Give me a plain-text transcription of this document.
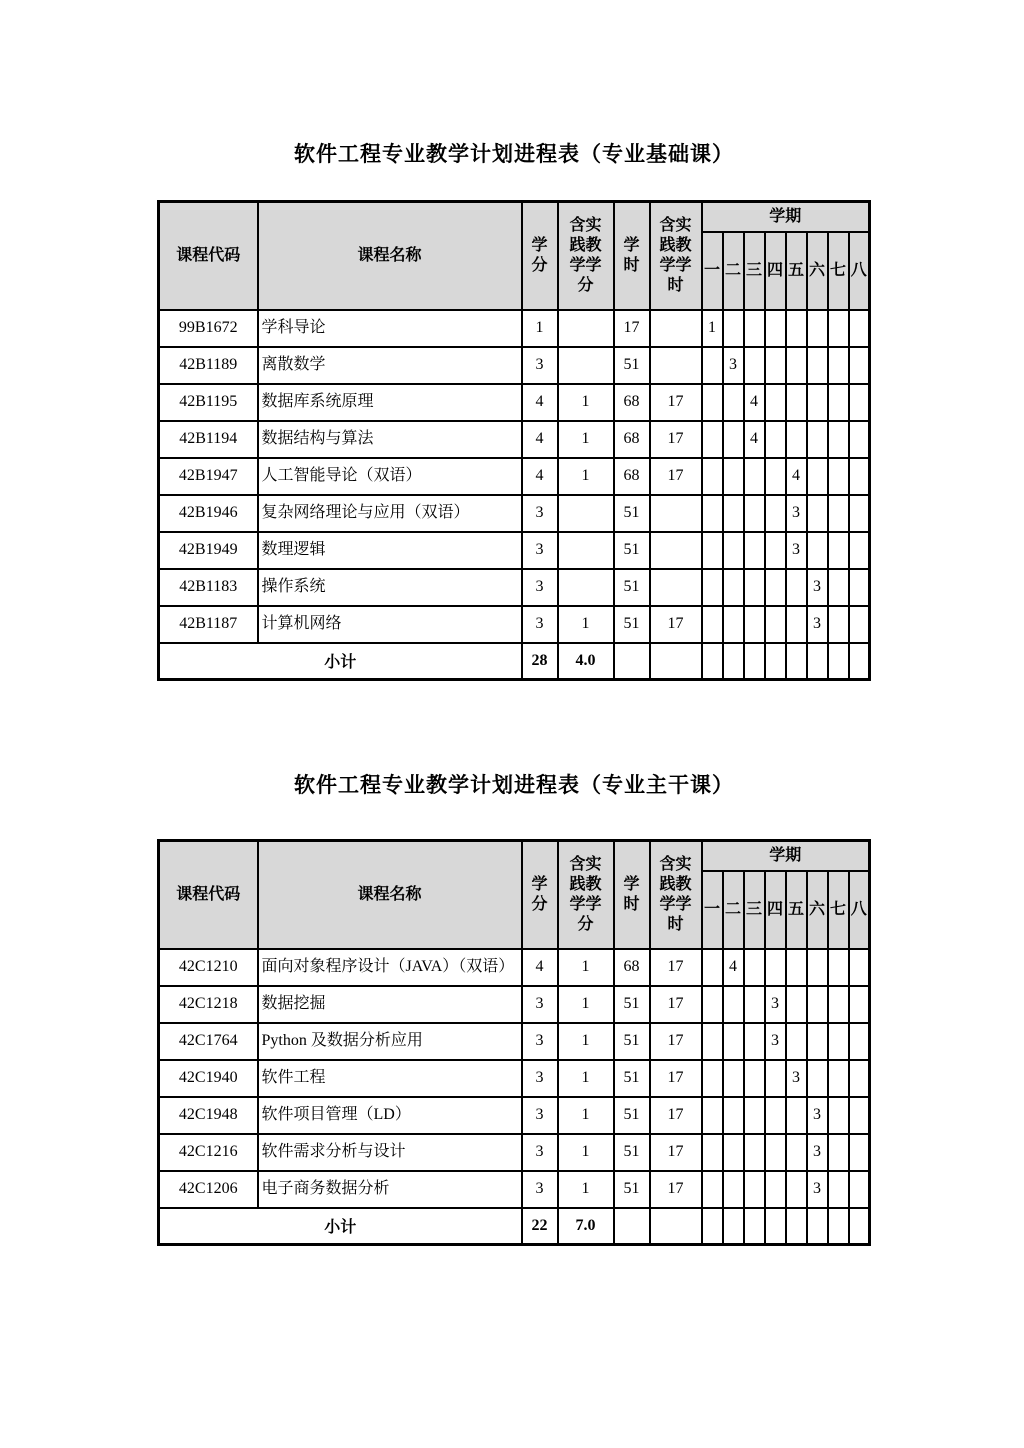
软件工程专业教学计划进程表（专业基础课）
课程代码	课程名称	学分	含实践教学学分	学时	含实践教学学时	学期							
						一	二	三	四	五	六	七	八
99B1672	学科导论	1		17		1							
42B1189	离散数学	3		51			3						
42B1195	数据库系统原理	4	1	68	17			4					
42B1194	数据结构与算法	4	1	68	17			4					
42B1947	人工智能导论（双语）	4	1	68	17					4			
42B1946	复杂网络理论与应用（双语）	3		51						3			
42B1949	数理逻辑	3		51						3			
42B1183	操作系统	3		51							3		
42B1187	计算机网络	3	1	51	17						3		
小计		28	4.0										
软件工程专业教学计划进程表（专业主干课）
课程代码	课程名称	学分	含实践教学学分	学时	含实践教学学时	学期							
						一	二	三	四	五	六	七	八
42C1210	面向对象程序设计（JAVA）（双语）	4	1	68	17		4						
42C1218	数据挖掘	3	1	51	17				3				
42C1764	Python 及数据分析应用	3	1	51	17				3				
42C1940	软件工程	3	1	51	17					3			
42C1948	软件项目管理（LD）	3	1	51	17						3		
42C1216	软件需求分析与设计	3	1	51	17						3		
42C1206	电子商务数据分析	3	1	51	17						3		
小计		22	7.0										
